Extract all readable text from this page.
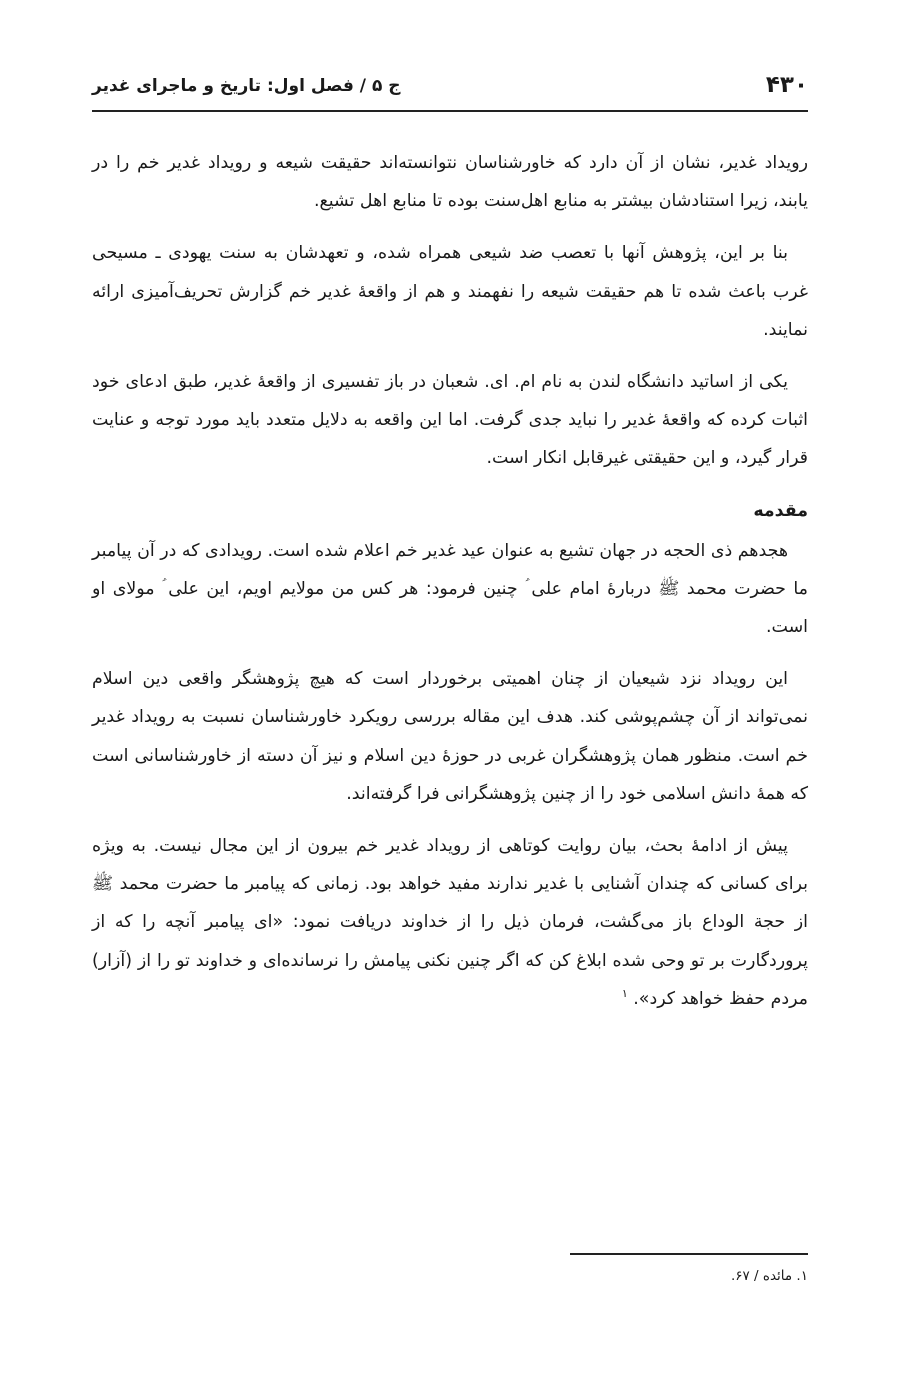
۴۳۰
ج ۵ / فصل اول: تاریخ و ماجرای غدیر

رویداد غدیر، نشان از آن دارد که خاورشناسان نتوانسته‌اند حقیقت شیعه و رویداد غدیر خم را در یابند، زیرا استنادشان بیشتر به منابع اهل‌سنت بوده تا منابع اهل تشیع.

بنا بر این، پژوهش آنها با تعصب ضد شیعی همراه شده، و تعهدشان به سنت یهودی ـ مسیحی غرب باعث شده تا هم حقیقت شیعه را نفهمند و هم از واقعهٔ غدیر خم گزارش تحریف‌آمیزی ارائه نمایند.

یکی از اساتید دانشگاه لندن به نام ام. ای. شعبان در باز تفسیری از واقعهٔ غدیر، طبق ادعای خود اثبات کرده که واقعهٔ غدیر را نباید جدی گرفت. اما این واقعه به دلایل متعدد باید مورد توجه و عنایت قرار گیرد، و این حقیقتی غیرقابل انکار است.

مقدمه

هجدهم ذی الحجه در جهان تشیع به عنوان عید غدیر خم اعلام شده است. رویدادی که در آن پیامبر ما حضرت محمد ﷺ دربارهٔ امام علی ؑ چنین فرمود: هر کس من مولایم اویم، این علی ؑ مولای او است.

این رویداد نزد شیعیان از چنان اهمیتی برخوردار است که هیچ پژوهشگر واقعی دین اسلام نمی‌تواند از آن چشم‌پوشی کند. هدف این مقاله بررسی رویکرد خاورشناسان نسبت به رویداد غدیر خم است. منظور همان پژوهشگران غربی در حوزهٔ دین اسلام و نیز آن دسته از خاورشناسانی است که همهٔ دانش اسلامی خود را از چنین پژوهشگرانی فرا گرفته‌اند.

پیش از ادامهٔ بحث، بیان روایت کوتاهی از رویداد غدیر خم بیرون از این مجال نیست. به ویژه برای کسانی که چندان آشنایی با غدیر ندارند مفید خواهد بود. زمانی که پیامبر ما حضرت محمد ﷺ از حجة الوداع باز می‌گشت، فرمان ذیل را از خداوند دریافت نمود: «ای پیامبر آنچه را که از پروردگارت بر تو وحی شده ابلاغ کن که اگر چنین نکنی پیامش را نرسانده‌ای و خداوند تو را از (آزار) مردم حفظ خواهد کرد». $^۱$

۱. مائده / ۶۷.
